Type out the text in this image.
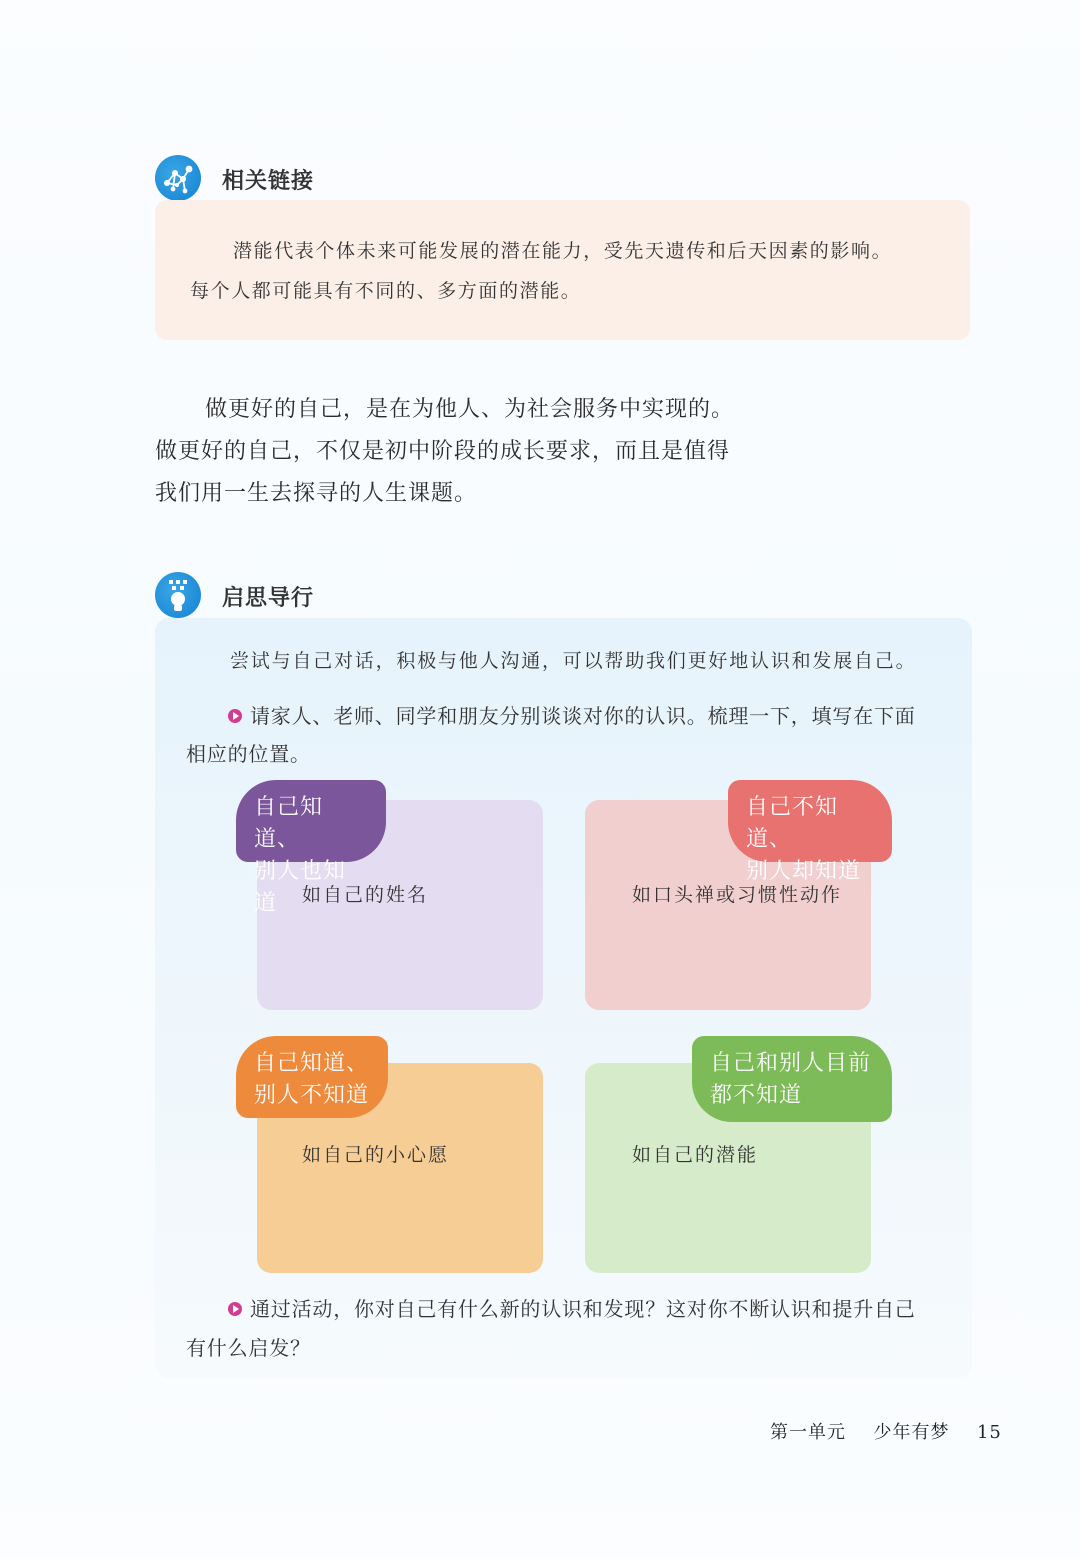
相关链接
潜能代表个体未来可能发展的潜在能力，受先天遗传和后天因素的影响。
每个人都可能具有不同的、多方面的潜能。
做更好的自己，是在为他人、为社会服务中实现的。
做更好的自己，不仅是初中阶段的成长要求，而且是值得
我们用一生去探寻的人生课题。
启思导行
尝试与自己对话，积极与他人沟通，可以帮助我们更好地认识和发展自己。
请家人、老师、同学和朋友分别谈谈对你的认识。梳理一下，填写在下面
相应的位置。
自己知道、
别人也知道	如自己的姓名
自己不知道、
别人却知道
如口头禅或习惯性动作
自己知道、
别人不知道
如自己的小心愿
自己和别人目前
都不知道
如自己的潜能
通过活动，你对自己有什么新的认识和发现？这对你不断认识和提升自己
有什么启发？
第一单元 少年有梦 15
